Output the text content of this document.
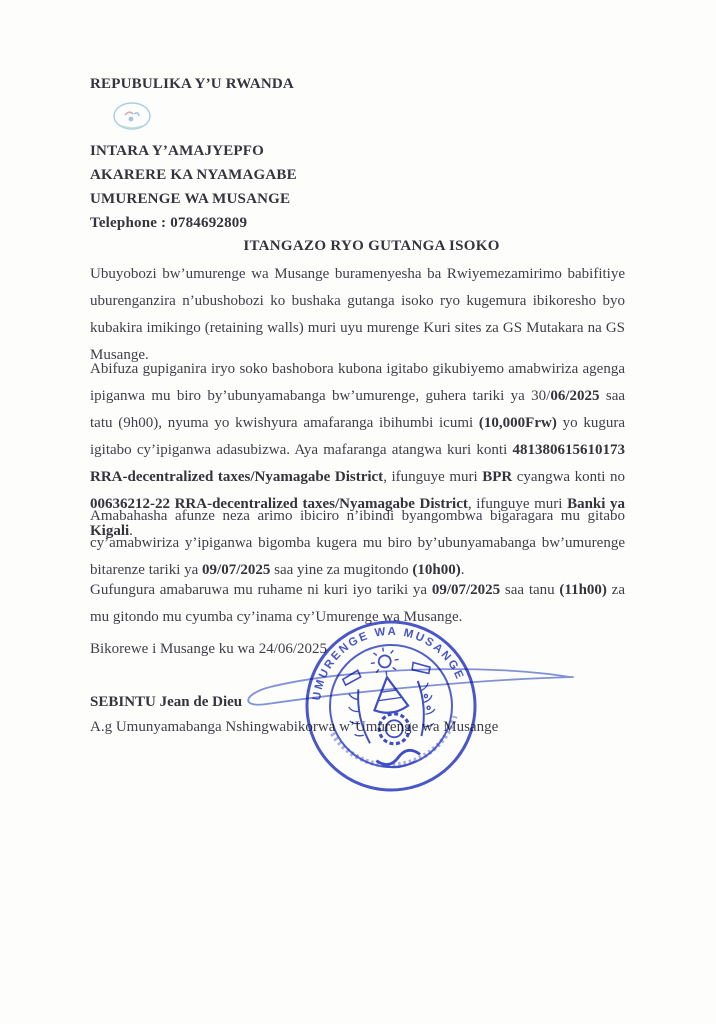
REPUBULIKA Y’U RWANDA
INTARA Y’AMAJYEPFO
AKARERE KA NYAMAGABE
UMURENGE WA MUSANGE
Telephone : 0784692809
ITANGAZO RYO GUTANGA ISOKO
Ubuyobozi bw’umurenge wa Musange buramenyesha ba Rwiyemezamirimo babifitiye uburenganzira n’ubushobozi ko bushaka gutanga isoko ryo kugemura ibikoresho byo kubakira imikingo (retaining walls) muri uyu murenge Kuri sites za GS Mutakara na GS Musange.
Abifuza gupiganira iryo soko bashobora kubona igitabo gikubiyemo amabwiriza agenga ipiganwa mu biro by’ubunyamabanga bw’umurenge, guhera tariki ya 30/06/2025 saa tatu (9h00), nyuma yo kwishyura amafaranga ibihumbi icumi (10,000Frw) yo kugura igitabo cy’ipiganwa adasubizwa. Aya mafaranga atangwa kuri konti 481380615610173 RRA-decentralized taxes/Nyamagabe District, ifunguye muri BPR cyangwa konti no 00636212-22 RRA-decentralized taxes/Nyamagabe District, ifunguye muri Banki ya Kigali.
Amabahasha afunze neza arimo ibiciro n’ibindi byangombwa bigaragara mu gitabo cy’amabwiriza y’ipiganwa bigomba kugera mu biro by’ubunyamabanga bw’umurenge bitarenze tariki ya 09/07/2025 saa yine za mugitondo (10h00).
Gufungura amabaruwa mu ruhame ni kuri iyo tariki ya 09/07/2025 saa tanu (11h00) za mu gitondo mu cyumba cy’inama cy’Umurenge wa Musange.
Bikorewe i Musange ku wa 24/06/2025
SEBINTU Jean de Dieu
A.g Umunyamabanga Nshingwabikorwa w’Umurenge wa Musange
UMURENGE WA MUSANGE
